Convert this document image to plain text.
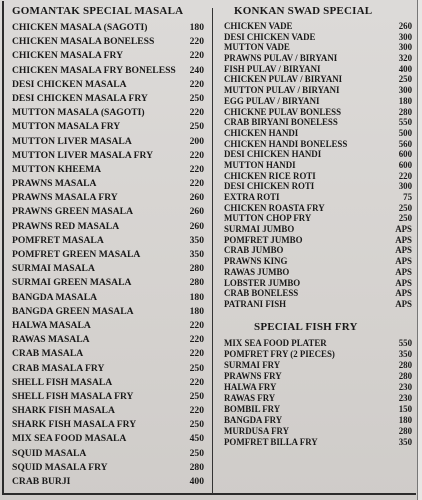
GOMANTAK SPECIAL MASALA
CHICKEN MASALA (SAGOTI)	180
CHICKEN MASALA BONELESS	220
CHICKEN MASALA FRY	220
CHICKEN MASALA FRY BONELESS	240
DESI CHICKEN MASALA	220
DESI CHICKEN MASALA FRY	250
MUTTON MASALA (SAGOTI)	220
MUTTON MASALA FRY	250
MUTTON LIVER MASALA	200
MUTTON LIVER MASALA FRY	220
MUTTON KHEEMA	220
PRAWNS MASALA	220
PRAWNS MASALA FRY	260
PRAWNS GREEN MASALA	260
PRAWNS RED MASALA	260
POMFRET MASALA	350
POMFRET GREEN MASALA	350
SURMAI MASALA	280
SURMAI GREEN MASALA	280
BANGDA MASALA	180
BANGDA GREEN MASALA	180
HALWA MASALA	220
RAWAS MASALA	220
CRAB MASALA	220
CRAB MASALA FRY	250
SHELL FISH MASALA	220
SHELL FISH MASALA FRY	250
SHARK FISH MASALA	220
SHARK FISH MASALA FRY	250
MIX SEA FOOD MASALA	450
SQUID MASALA	250
SQUID MASALA FRY	280
CRAB BURJI	400
KONKAN SWAD SPECIAL
CHICKEN VADE	260
DESI CHICKEN VADE	300
MUTTON VADE	300
PRAWNS PULAV / BIRYANI	320
FISH PULAV / BIRYANI	400
CHICKEN PULAV / BIRYANI	250
MUTTON PULAV / BIRYANI	300
EGG PULAV / BIRYANI	180
CHICKNE PULAV BONLESS	280
CRAB BIRYANI BONELESS	550
CHICKEN HANDI	500
CHICKEN HANDI BONELESS	560
DESI CHICKEN HANDI	600
MUTTON HANDI	600
CHICKEN RICE ROTI	220
DESI CHICKEN ROTI	300
EXTRA ROTI	75
CHICKEN ROASTA FRY	250
MUTTON CHOP FRY	250
SURMAI JUMBO	APS
POMFRET JUMBO	APS
CRAB JUMBO	APS
PRAWNS KING	APS
RAWAS JUMBO	APS
LOBSTER JUMBO	APS
CRAB BONELESS	APS
PATRANI FISH	APS
SPECIAL FISH FRY
MIX SEA FOOD PLATER	550
POMFRET FRY (2 PIECES)	350
SURMAI FRY	280
PRAWNS FRY	280
HALWA FRY	230
RAWAS FRY	230
BOMBIL FRY	150
BANGDA FRY	180
MURDUSA FRY	280
POMFRET BILLA FRY	350
